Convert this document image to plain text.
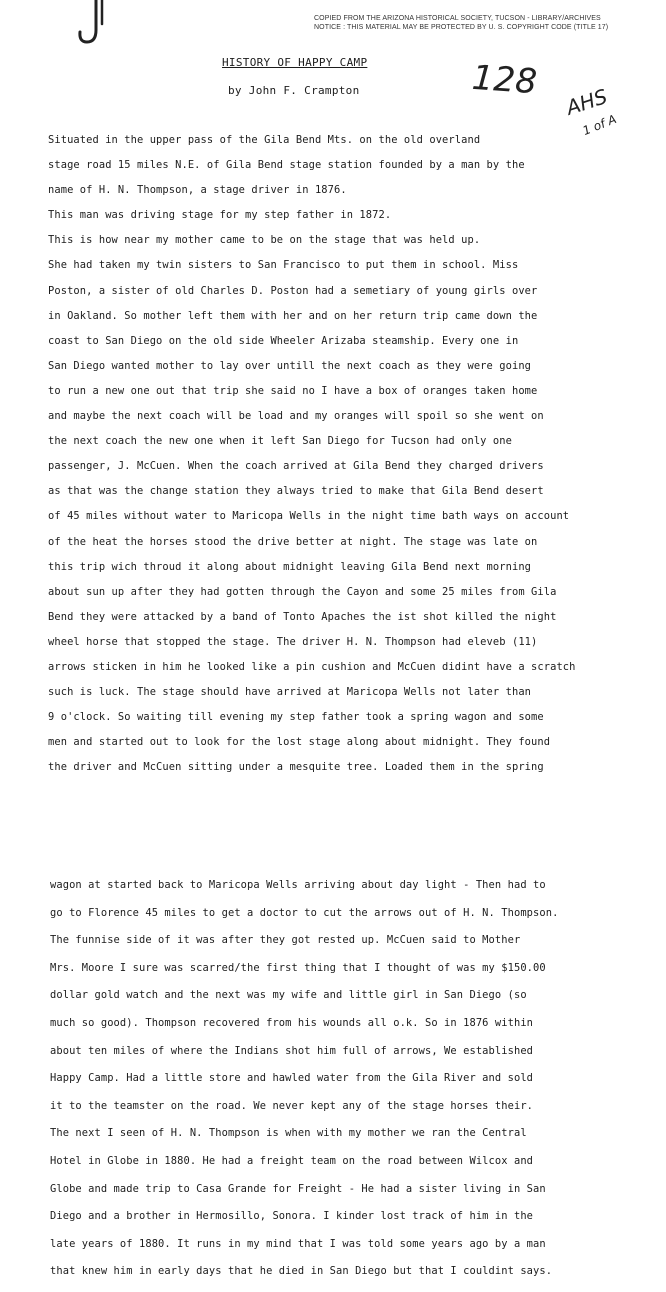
COPIED FROM THE ARIZONA HISTORICAL SOCIETY, TUCSON - LIBRARY/ARCHIVES
NOTICE : THIS MATERIAL MAY BE PROTECTED BY U. S. COPYRIGHT CODE (TITLE 17)
HISTORY OF HAPPY CAMP
by John F. Crampton	128 AHS
1 of A
Situated in the upper pass of the Gila Bend Mts. on the old overland
stage road 15 miles N.E. of Gila Bend stage station founded by a man by the
name of H. N. Thompson, a stage driver in 1876.
This man was driving stage for my step father in 1872.
This is how near my mother came to be on the stage that was held up.
She had taken my twin sisters to San Francisco to put them in school. Miss
Poston, a sister of old Charles D. Poston had a semetiary of young girls over
in Oakland. So mother left them with her and on her return trip came down the
coast to San Diego on the old side Wheeler Arizaba steamship. Every one in
San Diego wanted mother to lay over untill the next coach as they were going
to run a new one out that trip she said no I have a box of oranges taken home
and maybe the next coach will be load and my oranges will spoil so she went on
the next coach the new one when it left San Diego for Tucson had only one
passenger, J. McCuen. When the coach arrived at Gila Bend they charged drivers
as that was the change station they always tried to make that Gila Bend desert
of 45 miles without water to Maricopa Wells in the night time bath ways on account
of the heat the horses stood the drive better at night. The stage was late on
this trip wich throud it along about midnight leaving Gila Bend next morning
about sun up after they had gotten through the Cayon and some 25 miles from Gila
Bend they were attacked by a band of Tonto Apaches the ist shot killed the night
wheel horse that stopped the stage. The driver H. N. Thompson had eleveb (11)
arrows sticken in him he looked like a pin cushion and McCuen didint have a scratch
such is luck. The stage should have arrived at Maricopa Wells not later than
9 o'clock. So waiting till evening my step father took a spring wagon and some
men and started out to look for the lost stage along about midnight. They found
the driver and McCuen sitting under a mesquite tree. Loaded them in the spring
wagon at started back to Maricopa Wells arriving about day light - Then had to
go to Florence 45 miles to get a doctor to cut the arrows out of H. N. Thompson.
The funnise side of it was after they got rested up. McCuen said to Mother
Mrs. Moore I sure was scarred/the first thing that I thought of was my $150.00
dollar gold watch and the next was my wife and little girl in San Diego (so
much so good). Thompson recovered from his wounds all o.k. So in 1876 within
about ten miles of where the Indians shot him full of arrows, We established
Happy Camp. Had a little store and hawled water from the Gila River and sold
it to the teamster on the road. We never kept any of the stage horses their.
The next I seen of H. N. Thompson is when with my mother we ran the Central
Hotel in Globe in 1880. He had a freight team on the road between Wilcox and
Globe and made trip to Casa Grande for Freight - He had a sister living in San
Diego and a brother in Hermosillo, Sonora. I kinder lost track of him in the
late years of 1880. It runs in my mind that I was told some years ago by a man
that knew him in early days that he died in San Diego but that I couldint says.
